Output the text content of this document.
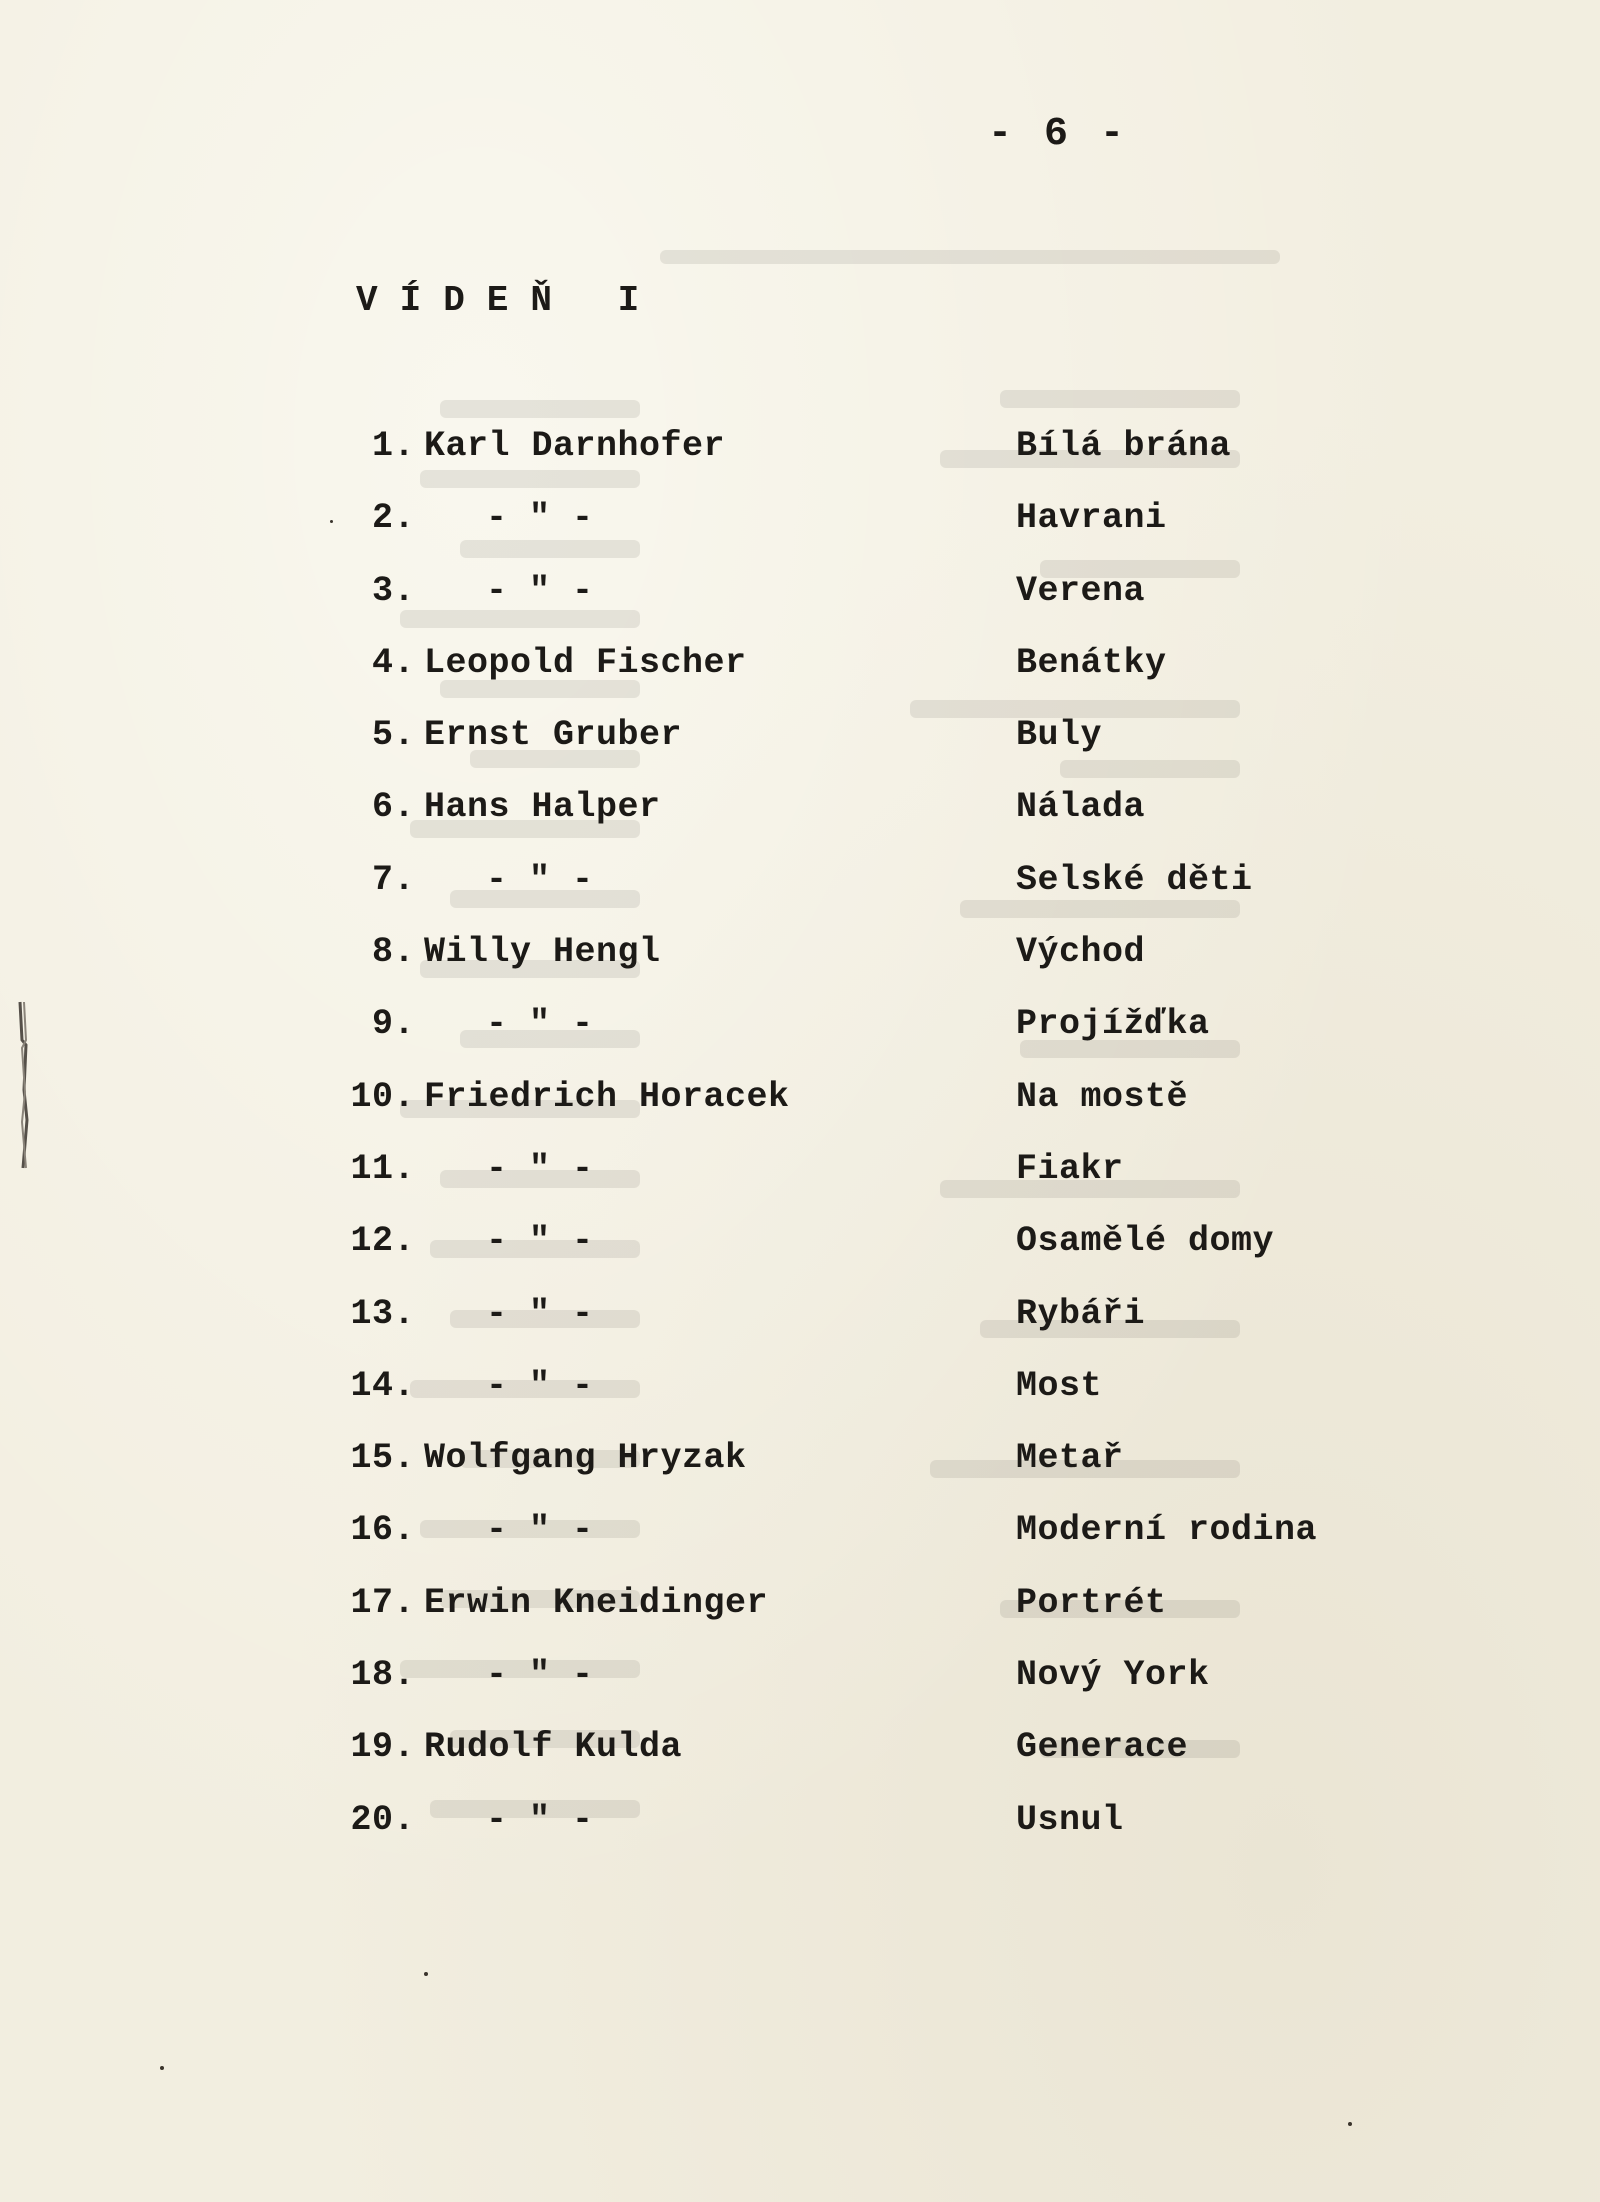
- 6 -
VÍDEŇ I
1. Karl Darnhofer	Bílá brána
2. - " -	Havrani
3. - " -	Verena
4. Leopold Fischer	Benátky
5. Ernst Gruber	Buly
6. Hans Halper	Nálada
7. - " -	Selské děti
8. Willy Hengl	Východ
9. - " -	Projížďka
10. Friedrich Horacek	Na mostě
11. - " -	Fiakr
12. - " -	Osamělé domy
13. - " -	Rybáři
14. - " -	Most
15. Wolfgang Hryzak	Metař
16. - " -	Moderní rodina
17. Erwin Kneidinger	Portrét
18. - " -	Nový York
19. Rudolf Kulda	Generace
20. - " -	Usnul
